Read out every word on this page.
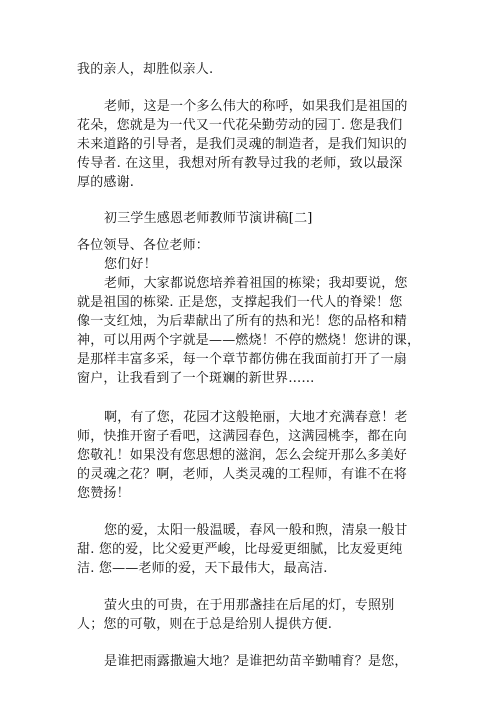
我的亲人，却胜似亲人.
老师，这是一个多么伟大的称呼，如果我们是祖国的
花朵，您就是为一代又一代花朵勤劳动的园丁. 您是我们
未来道路的引导者，是我们灵魂的制造者，是我们知识的
传导者. 在这里，我想对所有教导过我的老师，致以最深
厚的感谢.
初三学生感恩老师教师节演讲稿[二]
各位领导、各位老师：
您们好！
老师，大家都说您培养着祖国的栋梁；我却要说，您
就是祖国的栋梁. 正是您，支撑起我们一代人的脊梁！您
像一支红烛，为后辈献出了所有的热和光！您的品格和精
神，可以用两个字就是——燃烧！不停的燃烧！您讲的课，
是那样丰富多采，每一个章节都仿佛在我面前打开了一扇
窗户，让我看到了一个斑斓的新世界……
啊，有了您，花园才这般艳丽，大地才充满春意！老
师，快推开窗子看吧，这满园春色，这满园桃李，都在向
您敬礼！如果没有您思想的滋润，怎么会绽开那么多美好
的灵魂之花？啊，老师，人类灵魂的工程师，有谁不在将
您赞扬！
您的爱，太阳一般温暖，春风一般和煦，清泉一般甘
甜. 您的爱，比父爱更严峻，比母爱更细腻，比友爱更纯
洁. 您——老师的爱，天下最伟大，最高洁.
萤火虫的可贵，在于用那盏挂在后尾的灯，专照别
人；您的可敬，则在于总是给别人提供方便.
是谁把雨露撒遍大地？是谁把幼苗辛勤哺育？是您，
